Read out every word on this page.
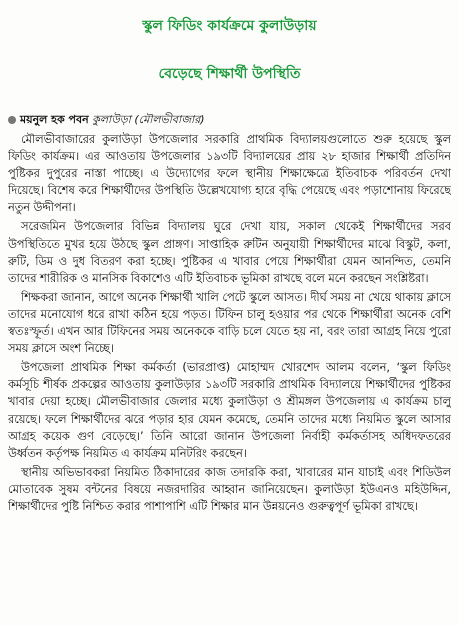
স্কুল ফিডিং কার্যক্রমে কুলাউড়ায়
বেড়েছে শিক্ষার্থী উপস্থিতি
ময়নুল হক পবন কুলাউড়া (মৌলভীবাজার)

মৌলভীবাজারের কুলাউড়া উপজেলার সরকারি প্রাথমিক বিদ্যালয়গুলোতে শুরু হয়েছে স্কুল ফিডিং কার্যক্রম। এর আওতায় উপজেলার ১৯৩টি বিদ্যালয়ের প্রায় ২৮ হাজার শিক্ষার্থী প্রতিদিন পুষ্টিকর দুপুরের নাস্তা পাচ্ছে। এ উদ্যোগের ফলে স্থানীয় শিক্ষাক্ষেত্রে ইতিবাচক পরিবর্তন দেখা দিয়েছে। বিশেষ করে শিক্ষার্থীদের উপস্থিতি উল্লেখযোগ্য হারে বৃদ্ধি পেয়েছে এবং পড়াশোনায় ফিরেছে নতুন উদ্দীপনা।

সরেজমিন উপজেলার বিভিন্ন বিদ্যালয় ঘুরে দেখা যায়, সকাল থেকেই শিক্ষার্থীদের সরব উপস্থিতিতে মুখর হয়ে উঠছে স্কুল প্রাঙ্গণ। সাপ্তাহিক রুটিন অনুযায়ী শিক্ষার্থীদের মাঝে বিস্কুট, কলা, রুটি, ডিম ও দুধ বিতরণ করা হচ্ছে। পুষ্টিকর এ খাবার পেয়ে শিক্ষার্থীরা যেমন আনন্দিত, তেমনি তাদের শারীরিক ও মানসিক বিকাশেও এটি ইতিবাচক ভূমিকা রাখছে বলে মনে করছেন সংশ্লিষ্টরা।

শিক্ষকরা জানান, আগে অনেক শিক্ষার্থী খালি পেটে স্কুলে আসত। দীর্ঘ সময় না খেয়ে থাকায় ক্লাসে তাদের মনোযোগ ধরে রাখা কঠিন হয়ে পড়ত। টিফিন চালু হওয়ার পর থেকে শিক্ষার্থীরা অনেক বেশি স্বতঃস্ফূর্ত। এখন আর টিফিনের সময় অনেককে বাড়ি চলে যেতে হয় না, বরং তারা আগ্রহ নিয়ে পুরো সময় ক্লাসে অংশ নিচ্ছে।

উপজেলা প্রাথমিক শিক্ষা কর্মকর্তা (ভারপ্রাপ্ত) মোহাম্মদ খোরশেদ আলম বলেন, ‘স্কুল ফিডিং কর্মসূচি শীর্ষক প্রকল্পের আওতায় কুলাউড়ার ১৯৩টি সরকারি প্রাথমিক বিদ্যালয়ে শিক্ষার্থীদের পুষ্টিকর খাবার দেয়া হচ্ছে। মৌলভীবাজার জেলার মধ্যে কুলাউড়া ও শ্রীমঙ্গল উপজেলায় এ কার্যক্রম চালু রয়েছে। ফলে শিক্ষার্থীদের ঝরে পড়ার হার যেমন কমেছে, তেমনি তাদের মধ্যে নিয়মিত স্কুলে আসার আগ্রহ কয়েক গুণ বেড়েছে।’ তিনি আরো জানান উপজেলা নির্বাহী কর্মকর্তাসহ অধিদফতরের উর্ধ্বতন কর্তৃপক্ষ নিয়মিত এ কার্যক্রম মনিটরিং করছেন।

স্থানীয় অভিভাবকরা নিয়মিত ঠিকাদারের কাজ তদারকি করা, খাবারের মান যাচাই এবং শিডিউল মোতাবেক সুষম বন্টনের বিষয়ে নজরদারির আহ্বান জানিয়েছেন। কুলাউড়া ইউএনও মহিউদ্দিন, শিক্ষার্থীদের পুষ্টি নিশ্চিত করার পাশাপাশি এটি শিক্ষার মান উন্নয়নেও গুরুত্বপূর্ণ ভূমিকা রাখছে।
